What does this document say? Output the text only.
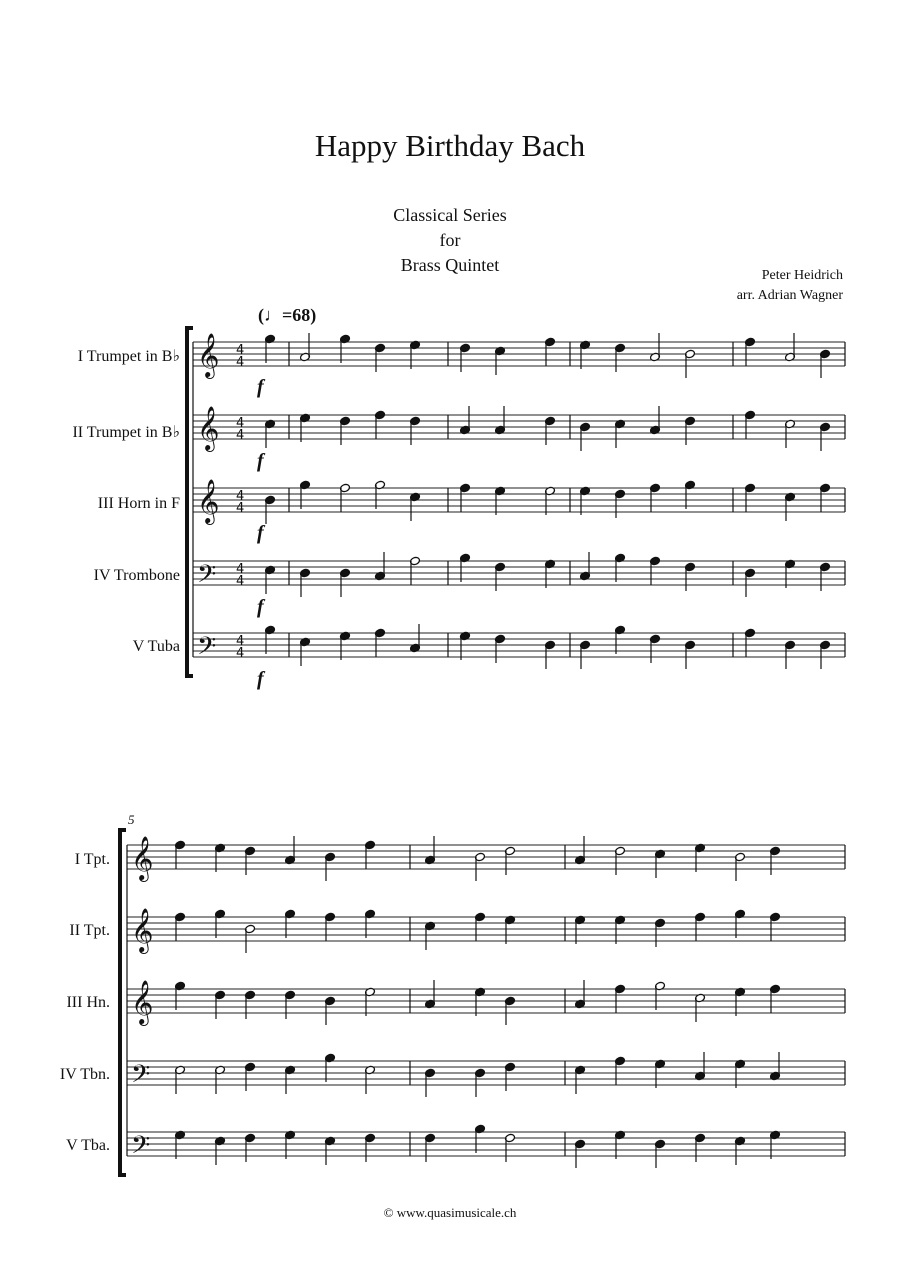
Happy Birthday Bach
Classical Series
for
Brass Quintet
Peter Heidrich
arr. Adrian Wagner
(♩=68)
I Trumpet in B♭
II Trumpet in B♭
III Horn in F
IV Trombone
V Tuba
5
I Tpt.
II Tpt.
III Hn.
IV Tbn.
V Tba.
f
f
f
f
f
𝄞 4
4
𝄞 4
4
𝄞 4
4
𝄢 4
4
𝄢 4
4
𝄞
𝄞
𝄞
𝄢
𝄢
© www.quasimusicale.ch
